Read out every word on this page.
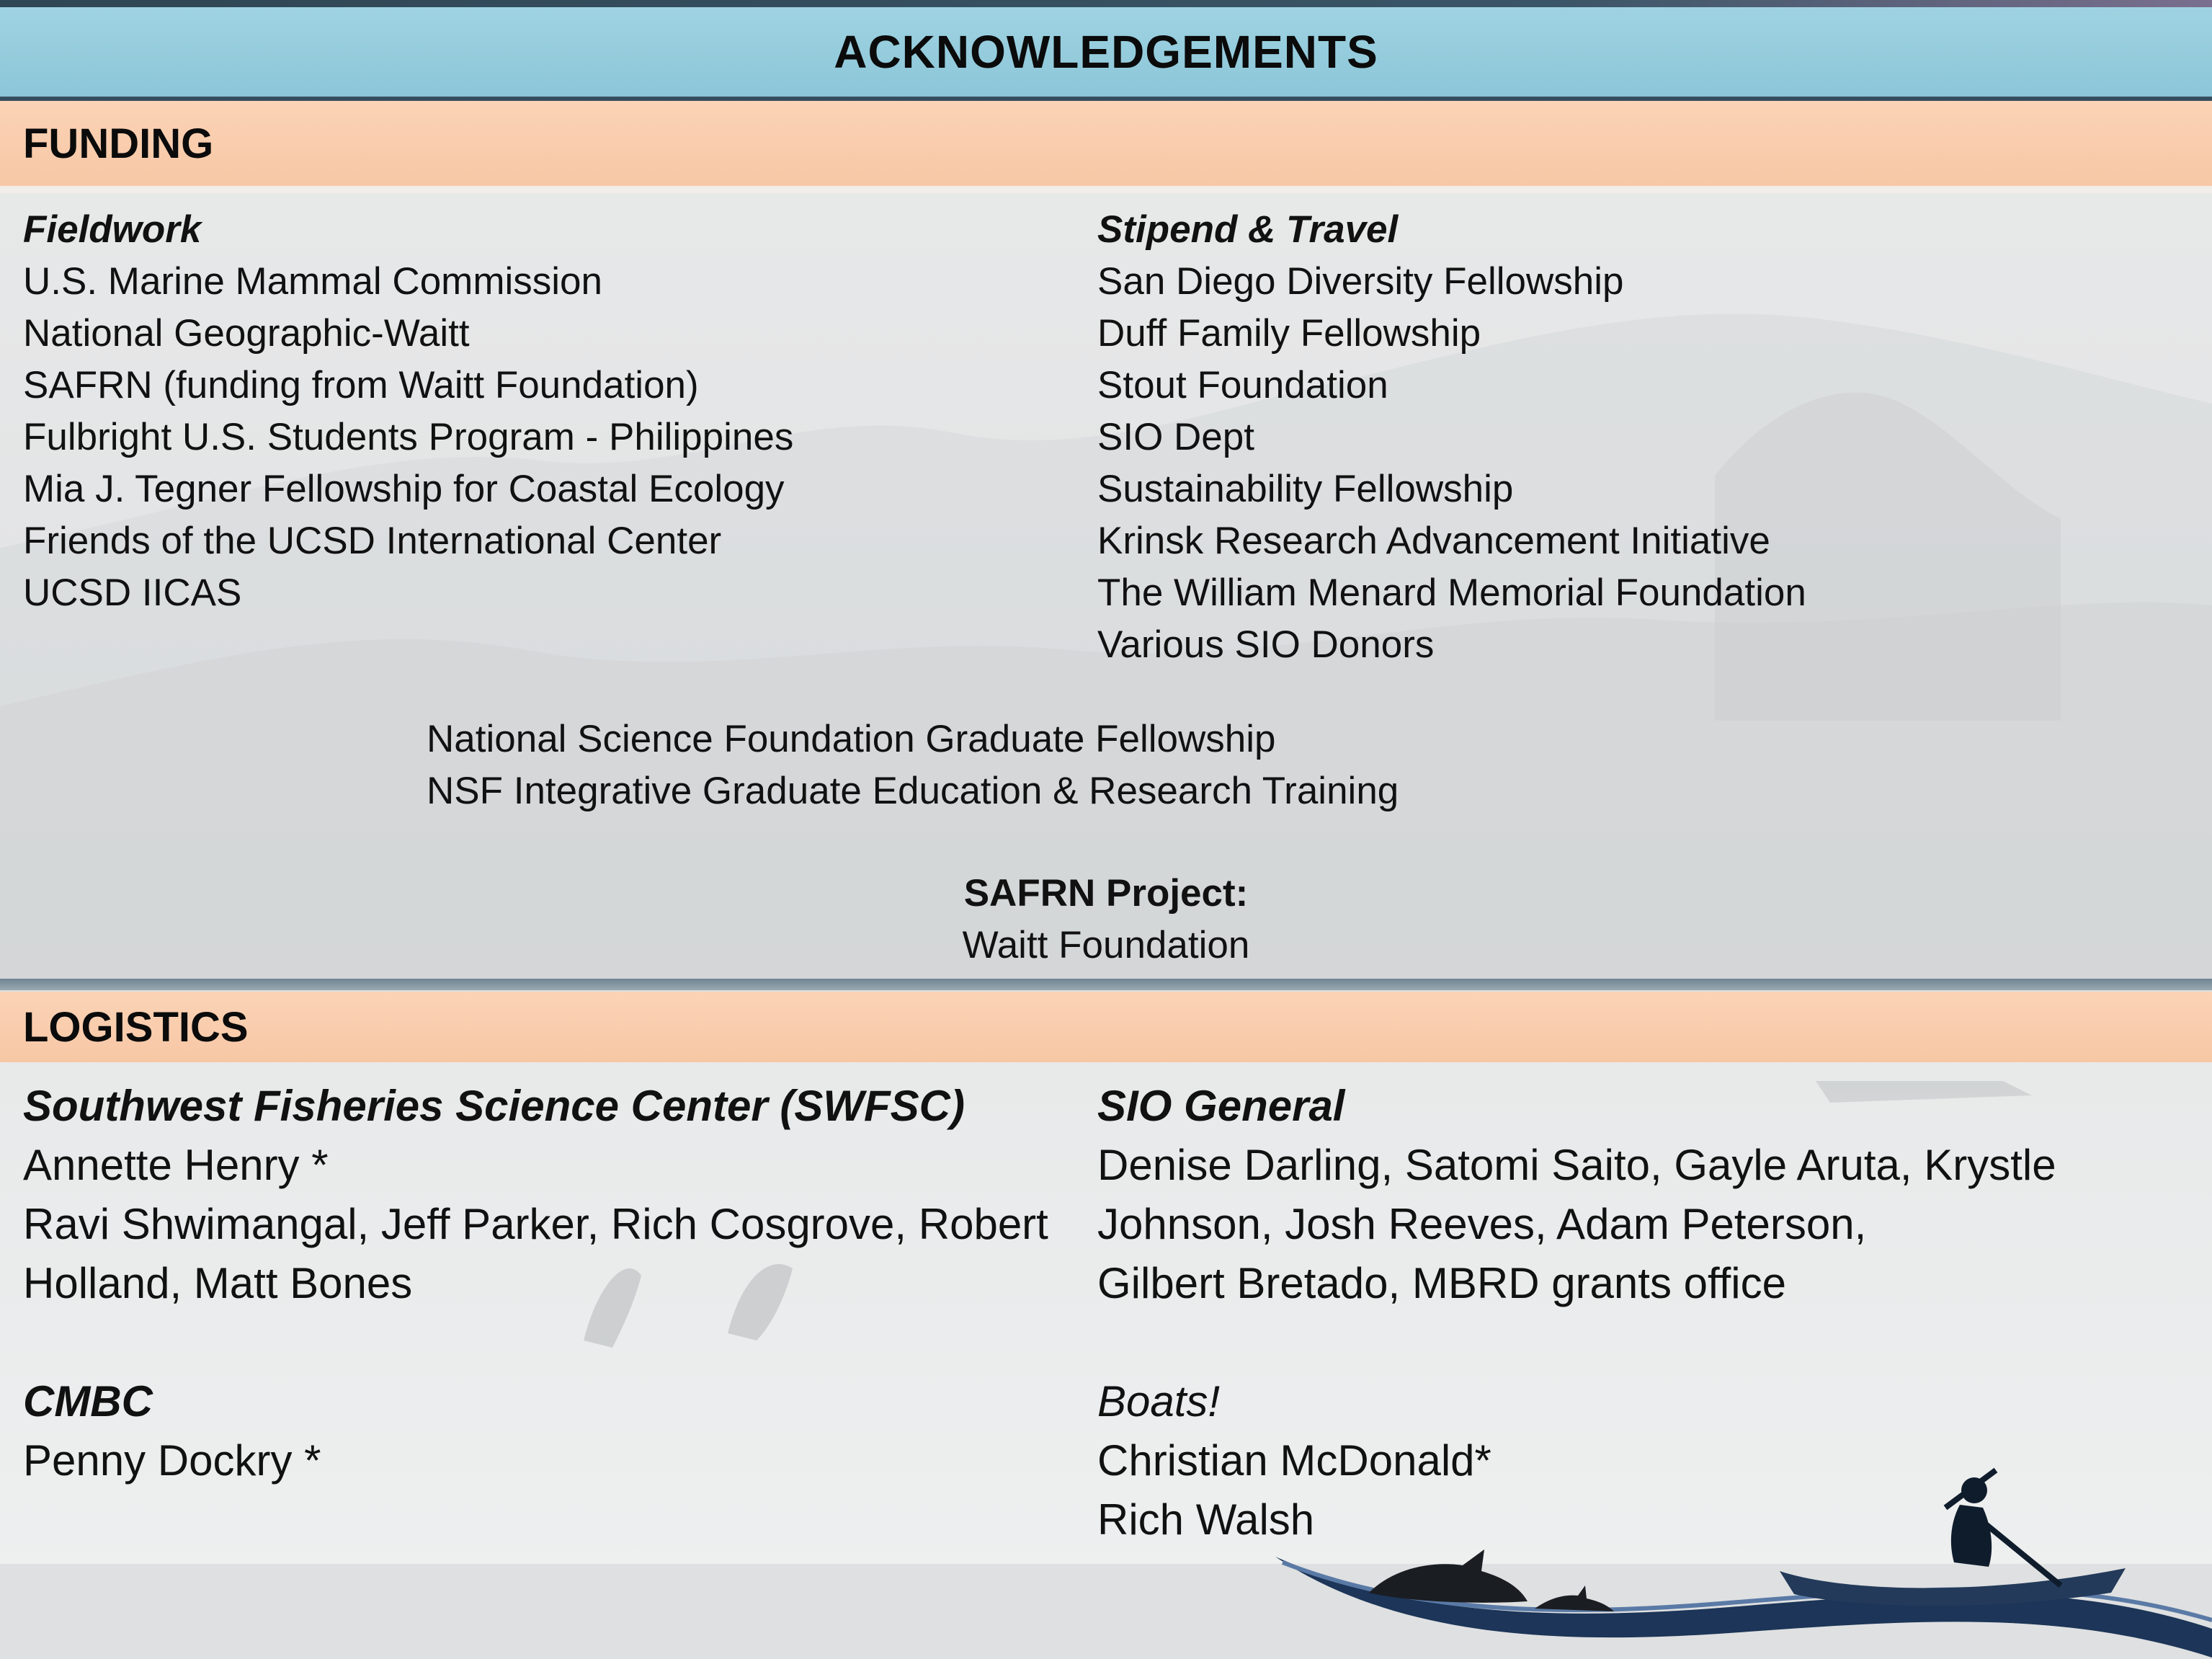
ACKNOWLEDGEMENTS
FUNDING
Fieldwork
U.S. Marine Mammal Commission
National Geographic-Waitt
SAFRN (funding from Waitt Foundation)
Fulbright U.S. Students Program - Philippines
Mia J. Tegner Fellowship for Coastal Ecology
Friends of the UCSD International Center
UCSD IICAS
Stipend & Travel
San Diego Diversity Fellowship
Duff Family Fellowship
Stout Foundation
SIO Dept
Sustainability Fellowship
Krinsk Research Advancement Initiative
The William Menard Memorial Foundation
Various SIO Donors
National Science Foundation Graduate Fellowship
NSF Integrative Graduate Education & Research Training
SAFRN Project:
Waitt Foundation
LOGISTICS
Southwest Fisheries Science Center (SWFSC)
Annette Henry *
Ravi Shwimangal, Jeff Parker, Rich Cosgrove, Robert
Holland, Matt Bones
SIO General
Denise Darling, Satomi Saito, Gayle Aruta, Krystle
Johnson, Josh Reeves, Adam Peterson,
Gilbert Bretado, MBRD grants office
CMBC
Penny Dockry *
Boats!
Christian McDonald*
Rich Walsh
